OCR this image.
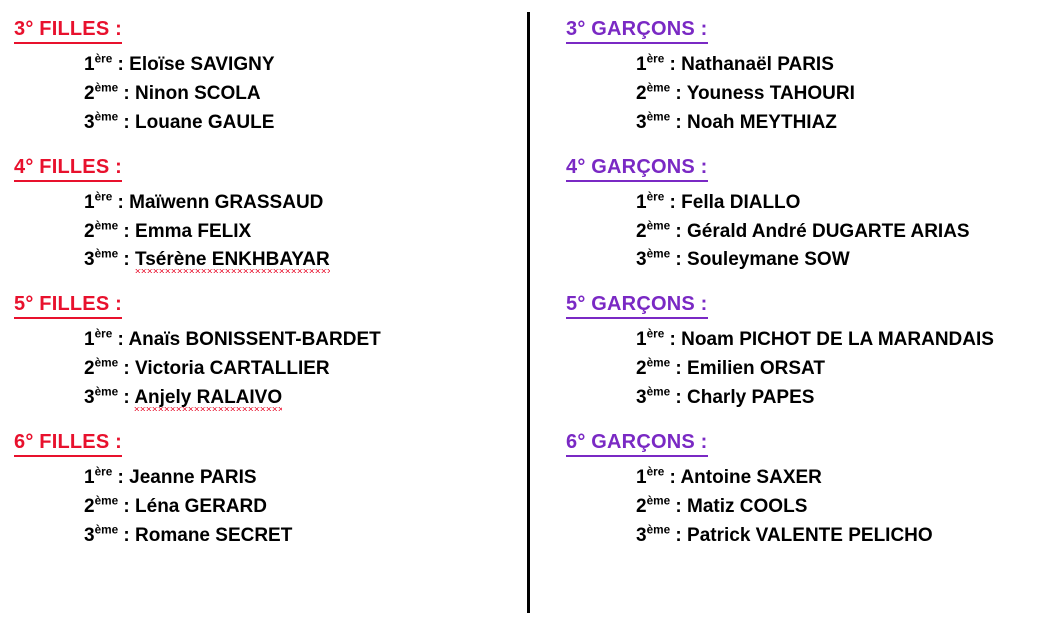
3° FILLES :
1ère : Eloïse SAVIGNY
2ème : Ninon SCOLA
3ème : Louane GAULE
4° FILLES :
1ère : Maïwenn GRASSAUD
2ème : Emma FELIX
3ème : Tsérène ENKHBAYAR
5° FILLES :
1ère : Anaïs BONISSENT-BARDET
2ème : Victoria CARTALLIER
3ème : Anjely RALAIVO
6° FILLES :
1ère : Jeanne PARIS
2ème : Léna GERARD
3ème : Romane SECRET
3° GARÇONS :
1ère : Nathanaël PARIS
2ème : Youness TAHOURI
3ème : Noah MEYTHIAZ
4° GARÇONS :
1ère : Fella DIALLO
2ème : Gérald André DUGARTE ARIAS
3ème : Souleymane SOW
5° GARÇONS :
1ère : Noam PICHOT DE LA MARANDAIS
2ème : Emilien ORSAT
3ème : Charly PAPES
6° GARÇONS :
1ère : Antoine SAXER
2ème : Matiz COOLS
3ème : Patrick VALENTE PELICHO
